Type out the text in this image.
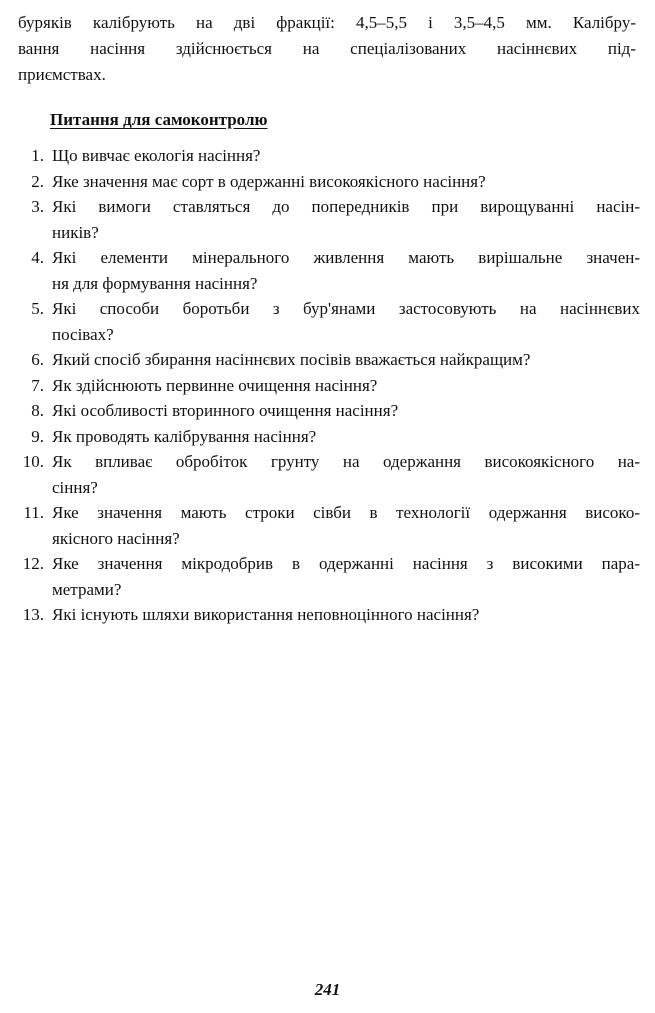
буряків калібрують на дві фракції: 4,5–5,5 і 3,5–4,5 мм. Калібру-
вання насіння здійснюється на спеціалізованих насіннєвих під-
приємствах.
Питання для самоконтролю
1. Що вивчає екологія насіння?
2. Яке значення має сорт в одержанні високоякісного насіння?
3. Які вимоги ставляться до попередників при вирощуванні насін-
ників?
4. Які елементи мінерального живлення мають вирішальне значен-
ня для формування насіння?
5. Які способи боротьби з бур'янами застосовують на насіннєвих
посівах?
6. Який спосіб збирання насіннєвих посівів вважається найкращим?
7. Як здійснюють первинне очищення насіння?
8. Які особливості вторинного очищення насіння?
9. Як проводять калібрування насіння?
10. Як впливає обробіток грунту на одержання високоякісного на-
сіння?
11. Яке значення мають строки сівби в технології одержання високо-
якісного насіння?
12. Яке значення мікродобрив в одержанні насіння з високими пара-
метрами?
13. Які існують шляхи використання неповноцінного насіння?
241
